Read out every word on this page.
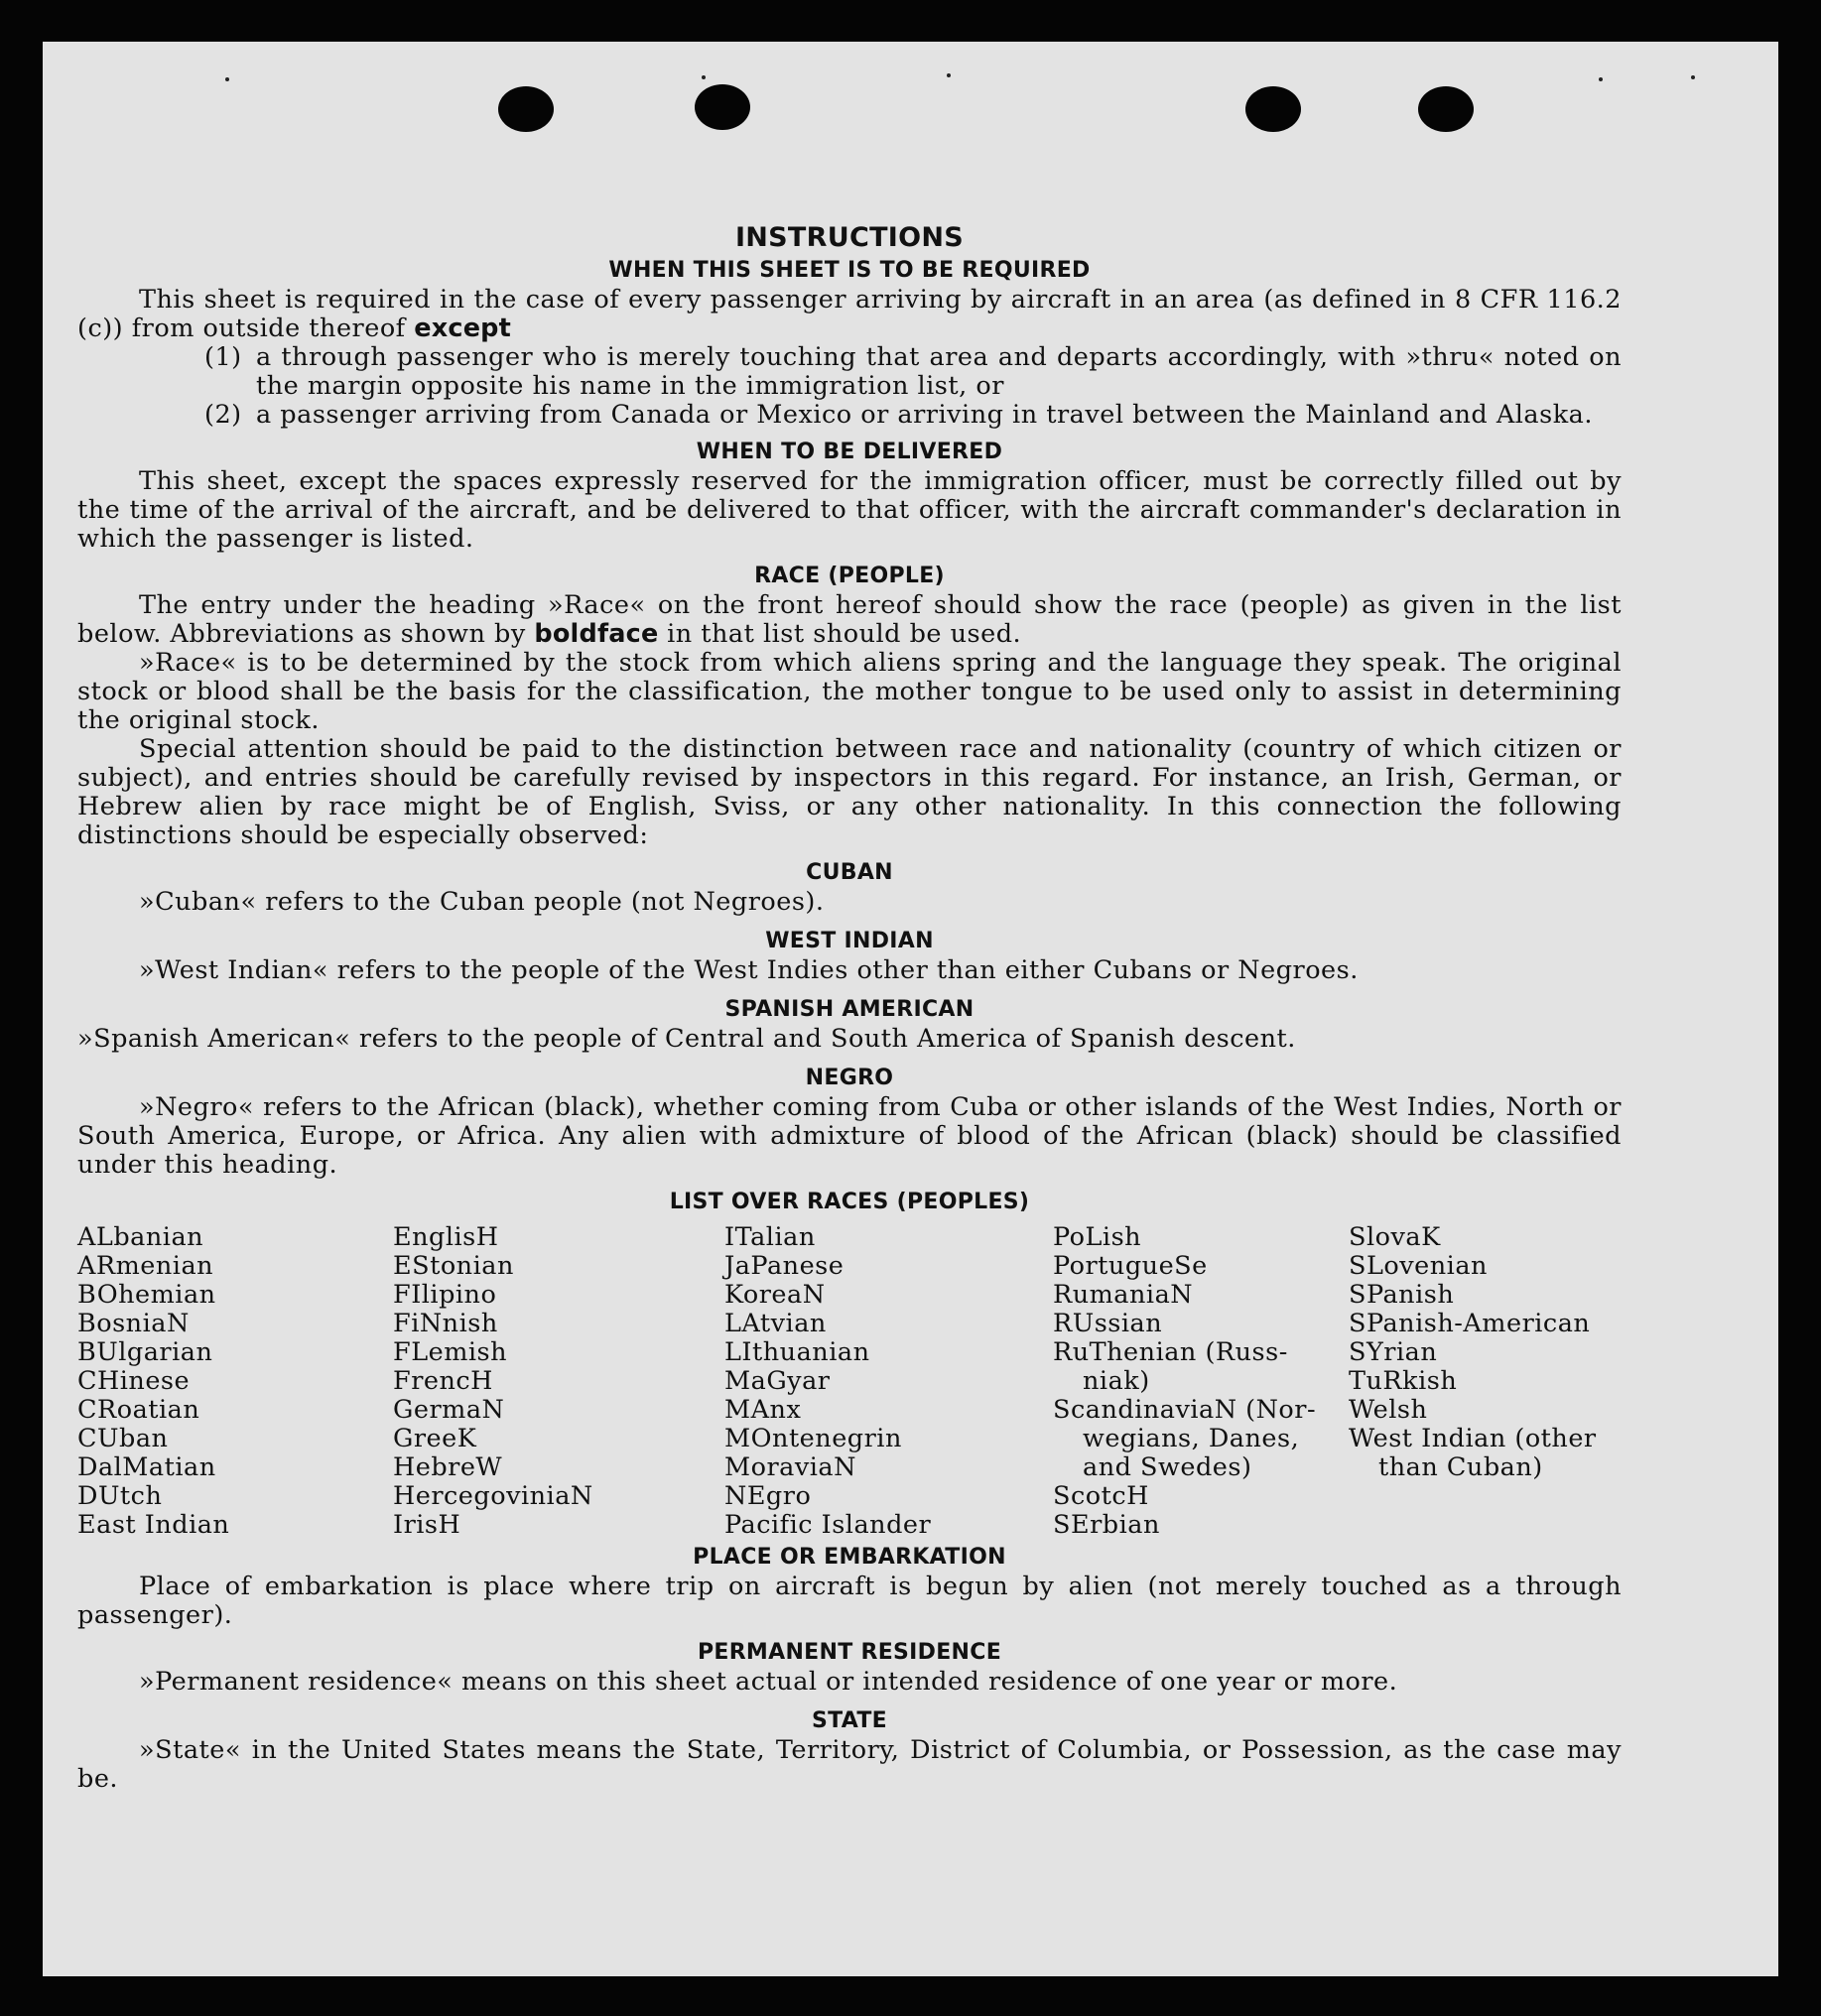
INSTRUCTIONS
WHEN THIS SHEET IS TO BE REQUIRED

This sheet is required in the case of every passenger arriving by aircraft in an area (as defined in 8 CFR 116.2 (c)) from outside thereof except

(1) a through passenger who is merely touching that area and departs accordingly, with »thru« noted on the margin opposite his name in the immigration list, or
(2) a passenger arriving from Canada or Mexico or arriving in travel between the Mainland and Alaska.
WHEN TO BE DELIVERED

This sheet, except the spaces expressly reserved for the immigration officer, must be correctly filled out by the time of the arrival of the aircraft, and be delivered to that officer, with the aircraft commander's declaration in which the passenger is listed.

RACE (PEOPLE)

The entry under the heading »Race« on the front hereof should show the race (people) as given in the list below. Abbreviations as shown by boldface in that list should be used.

»Race« is to be determined by the stock from which aliens spring and the language they speak. The original stock or blood shall be the basis for the classification, the mother tongue to be used only to assist in determining the original stock.

Special attention should be paid to the distinction between race and nationality (country of which citizen or subject), and entries should be carefully revised by inspectors in this regard. For instance, an Irish, German, or Hebrew alien by race might be of English, Sviss, or any other nationality. In this connection the following distinctions should be especially observed:

CUBAN

»Cuban« refers to the Cuban people (not Negroes).

WEST INDIAN

»West Indian« refers to the people of the West Indies other than either Cubans or Negroes.

SPANISH AMERICAN

»Spanish American« refers to the people of Central and South America of Spanish descent.

NEGRO

»Negro« refers to the African (black), whether coming from Cuba or other islands of the West Indies, North or South America, Europe, or Africa. Any alien with admixture of blood of the African (black) should be classified under this heading.

LIST OVER RACES (PEOPLES)
ALbanian
ARmenian
BOhemian
BosniaN
BUlgarian
CHinese
CRoatian
CUban
DalMatian
DUtch
East Indian
EnglisH
EStonian
FIlipino
FiNnish
FLemish
FrencH
GermaN
GreeK
HebreW
HercegoviniaN
IrisH
ITalian
JaPanese
KoreaN
LAtvian
LIthuanian
MaGyar
MAnx
MOntenegrin
MoraviaN
NEgro
Pacific Islander
PoLish
PortugueSe
RumaniaN
RUssian
RuThenian (Russ-
niak)
ScandinaviaN (Nor-
wegians, Danes,
and Swedes)
ScotcH
SErbian
SlovaK
SLovenian
SPanish
SPanish-American
SYrian
TuRkish
Welsh
West Indian (other
than Cuban)
PLACE OR EMBARKATION

Place of embarkation is place where trip on aircraft is begun by alien (not merely touched as a through passenger).

PERMANENT RESIDENCE

»Permanent residence« means on this sheet actual or intended residence of one year or more.

STATE

»State« in the United States means the State, Territory, District of Columbia, or Possession, as the case may be.
